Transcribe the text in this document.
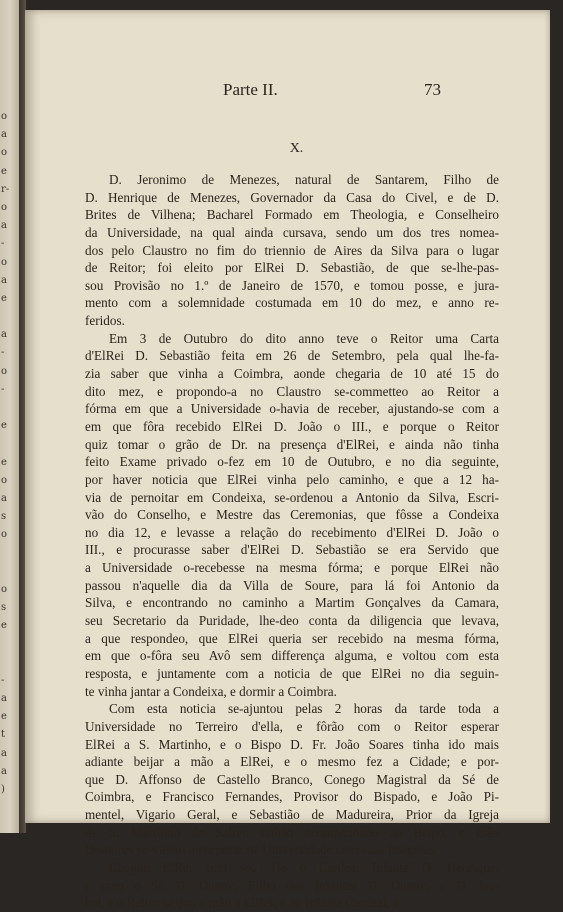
o
a
o
e
r-
o
a
-
o
a
e
a
-
o
-
e
e
o
a
s
o
o
s
e
-
a
e
t
a
a
)
Parte II.	73
X.
D. Jeronimo de Menezes, natural de Santarem, Filho de
D. Henrique de Menezes, Governador da Casa do Civel, e de D.
Brites de Vilhena; Bacharel Formado em Theologia, e Conselheiro
da Universidade, na qual ainda cursava, sendo um dos tres nomea-
dos pelo Claustro no fim do triennio de Aires da Silva para o lugar
de Reitor; foi eleito por ElRei D. Sebastião, de que se-lhe-pas-
sou Provisão no 1.º de Janeiro de 1570, e tomou posse, e jura-
mento com a solemnidade costumada em 10 do mez, e anno re-
feridos.
Em 3 de Outubro do dito anno teve o Reitor uma Carta
d'ElRei D. Sebastião feita em 26 de Setembro, pela qual lhe-fa-
zia saber que vinha a Coimbra, aonde chegaria de 10 até 15 do
dito mez, e propondo-a no Claustro se-commetteo ao Reitor a
fórma em que a Universidade o-havia de receber, ajustando-se com a
em que fôra recebido ElRei D. João o III., e porque o Reitor
quiz tomar o grão de Dr. na presença d'ElRei, e ainda não tinha
feito Exame privado o-fez em 10 de Outubro, e no dia seguinte,
por haver noticia que ElRei vinha pelo caminho, e que a 12 ha-
via de pernoitar em Condeixa, se-ordenou a Antonio da Silva, Escri-
vão do Conselho, e Mestre das Ceremonias, que fôsse a Condeixa
no dia 12, e levasse a relação do recebimento d'ElRei D. João o
III., e procurasse saber d'ElRei D. Sebastião se era Servido que
a Universidade o-recebesse na mesma fórma; e porque ElRei não
passou n'aquelle dia da Villa de Soure, para lá foi Antonio da
Silva, e encontrando no caminho a Martim Gonçalves da Camara,
seu Secretario da Puridade, lhe-deo conta da diligencia que levava,
a que respondeo, que ElRei queria ser recebido na mesma fórma,
em que o-fôra seu Avô sem differença alguma, e voltou com esta
resposta, e juntamente com a noticia de que ElRei no dia seguin-
te vinha jantar a Condeixa, e dormir a Coimbra.
Com esta noticia se-ajuntou pelas 2 horas da tarde toda a
Universidade no Terreiro d'ella, e fôrão com o Reitor esperar
ElRei a S. Martinho, e o Bispo D. Fr. João Soares tinha ido mais
adiante beijar a mão a ElRei, e o mesmo fez a Cidade; e por-
que D. Affonso de Castello Branco, Conego Magistral da Sé de
Coimbra, e Francisco Fernandes, Provisor do Bispado, e João Pi-
mentel, Vigario Geral, e Sebastião de Madureira, Prior da Igreja
de S. Martinho de Salreo tinhão acompanhado ao Bispo, e erão
Doutores se-vierão incorporar na Universidade com suas insignias.
Chegou ElRei com seu Tio o Cardeal Infante D. Henrique,
e com o Sr. D. Duarte, Filho dos Infantes D. Duarte, e D. Isa-
bel, e o Reitor beijou a mão a ElRei, e ao Infante Cardeal, e
